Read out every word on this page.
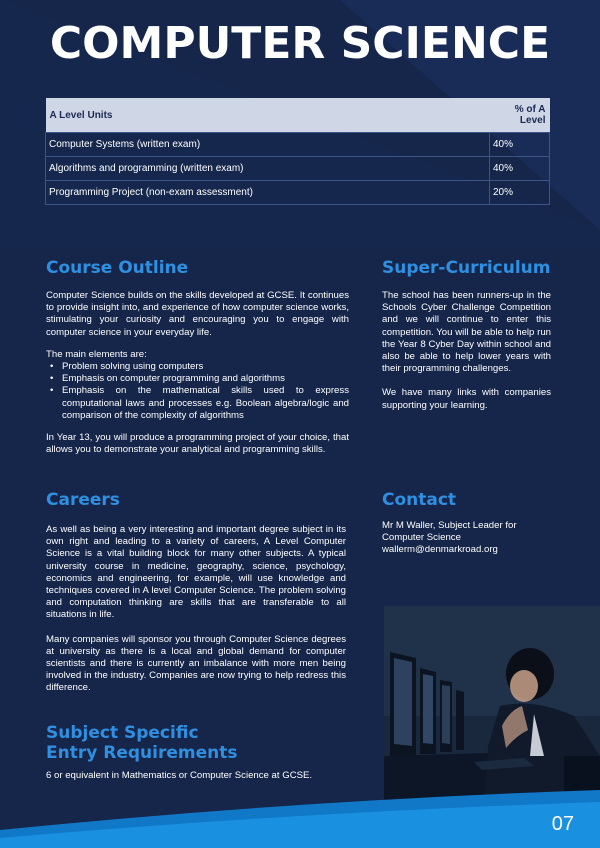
COMPUTER SCIENCE
A Level Units	% of A Level
Computer Systems (written exam)	40%
Algorithms and programming (written exam)	40%
Programming Project (non-exam assessment)	20%
Course Outline

Computer Science builds on the skills developed at GCSE. It continues to provide insight into, and experience of how computer science works, stimulating your curiosity and encouraging you to engage with computer science in your everyday life.

The main elements are:
• Problem solving using computers
• Emphasis on computer programming and algorithms
• Emphasis on the mathematical skills used to express computational laws and processes e.g. Boolean algebra/logic and comparison of the complexity of algorithms

In Year 13, you will produce a programming project of your choice, that allows you to demonstrate your analytical and programming skills.

Super-Curriculum

The school has been runners-up in the Schools Cyber Challenge Competition and we will continue to enter this competition. You will be able to help run the Year 8 Cyber Day within school and also be able to help lower years with their programming challenges.

We have many links with companies supporting your learning.

Careers

As well as being a very interesting and important degree subject in its own right and leading to a variety of careers, A Level Computer Science is a vital building block for many other subjects. A typical university course in medicine, geography, science, psychology, economics and engineering, for example, will use knowledge and techniques covered in A level Computer Science. The problem solving and computation thinking are skills that are transferable to all situations in life.

Many companies will sponsor you through Computer Science degrees at university as there is a local and global demand for computer scientists and there is currently an imbalance with more men being involved in the industry. Companies are now trying to help redress this difference.

Contact
Mr M Waller, Subject Leader for
Computer Science
wallerm@denmarkroad.org
Subject Specific
Entry Requirements
6 or equivalent in Mathematics or Computer Science at GCSE.
07
